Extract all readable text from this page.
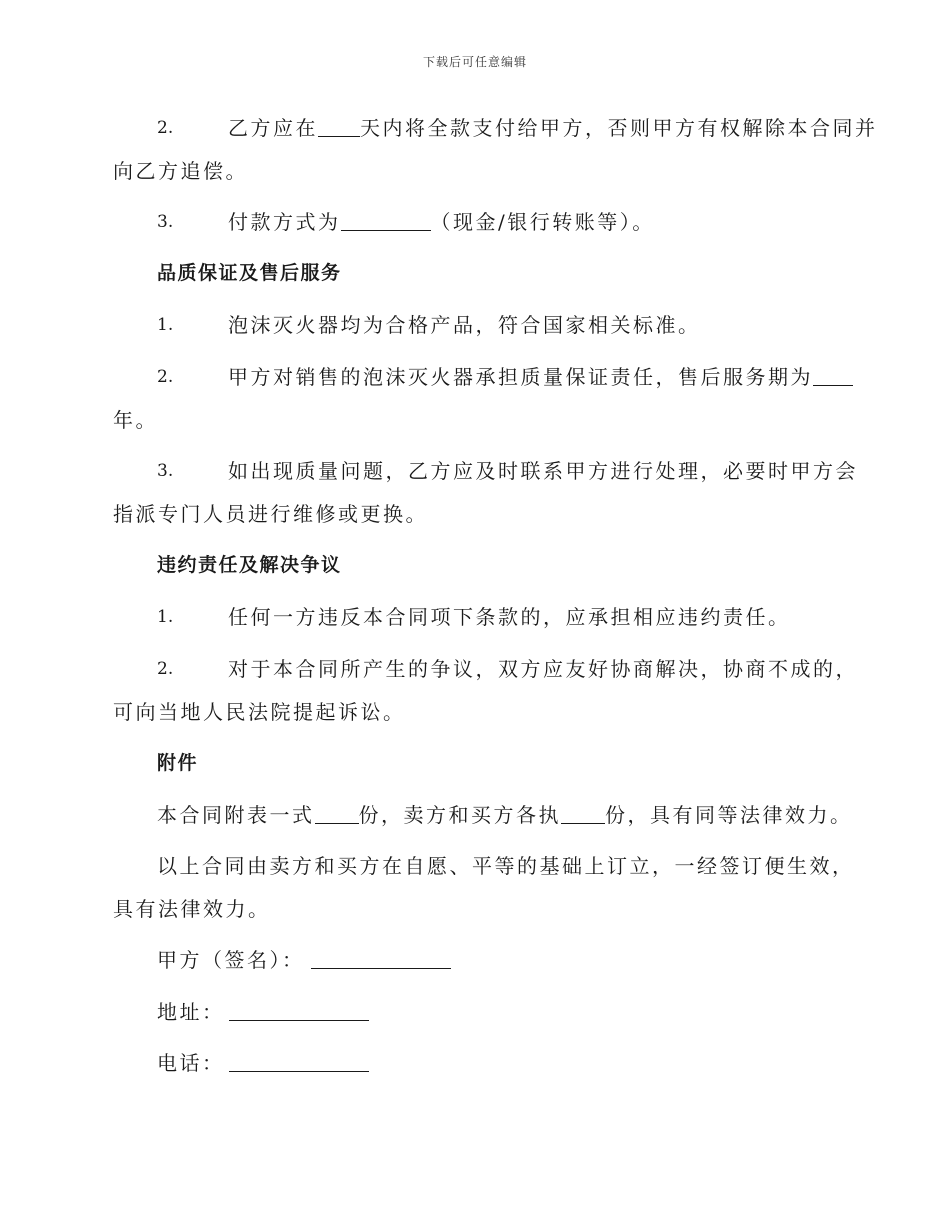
下载后可任意编辑
2.	乙方应在 天内将全款支付给甲方，否则甲方有权解除本合同并
向乙方追偿。
3.	付款方式为	（现金/银行转账等）。
品质保证及售后服务
1.	泡沫灭火器均为合格产品，符合国家相关标准。
2.	甲方对销售的泡沫灭火器承担质量保证责任，售后服务期为
年。
3.	如出现质量问题，乙方应及时联系甲方进行处理，必要时甲方会
指派专门人员进行维修或更换。
违约责任及解决争议
1.	任何一方违反本合同项下条款的，应承担相应违约责任。
2.	对于本合同所产生的争议，双方应友好协商解决，协商不成的，
可向当地人民法院提起诉讼。
附件
本合同附表一式 份，卖方和买方各执 份，具有同等法律效力。
以上合同由卖方和买方在自愿、平等的基础上订立，一经签订便生效，
具有法律效力。
甲方（签名）：
地址：
电话：
